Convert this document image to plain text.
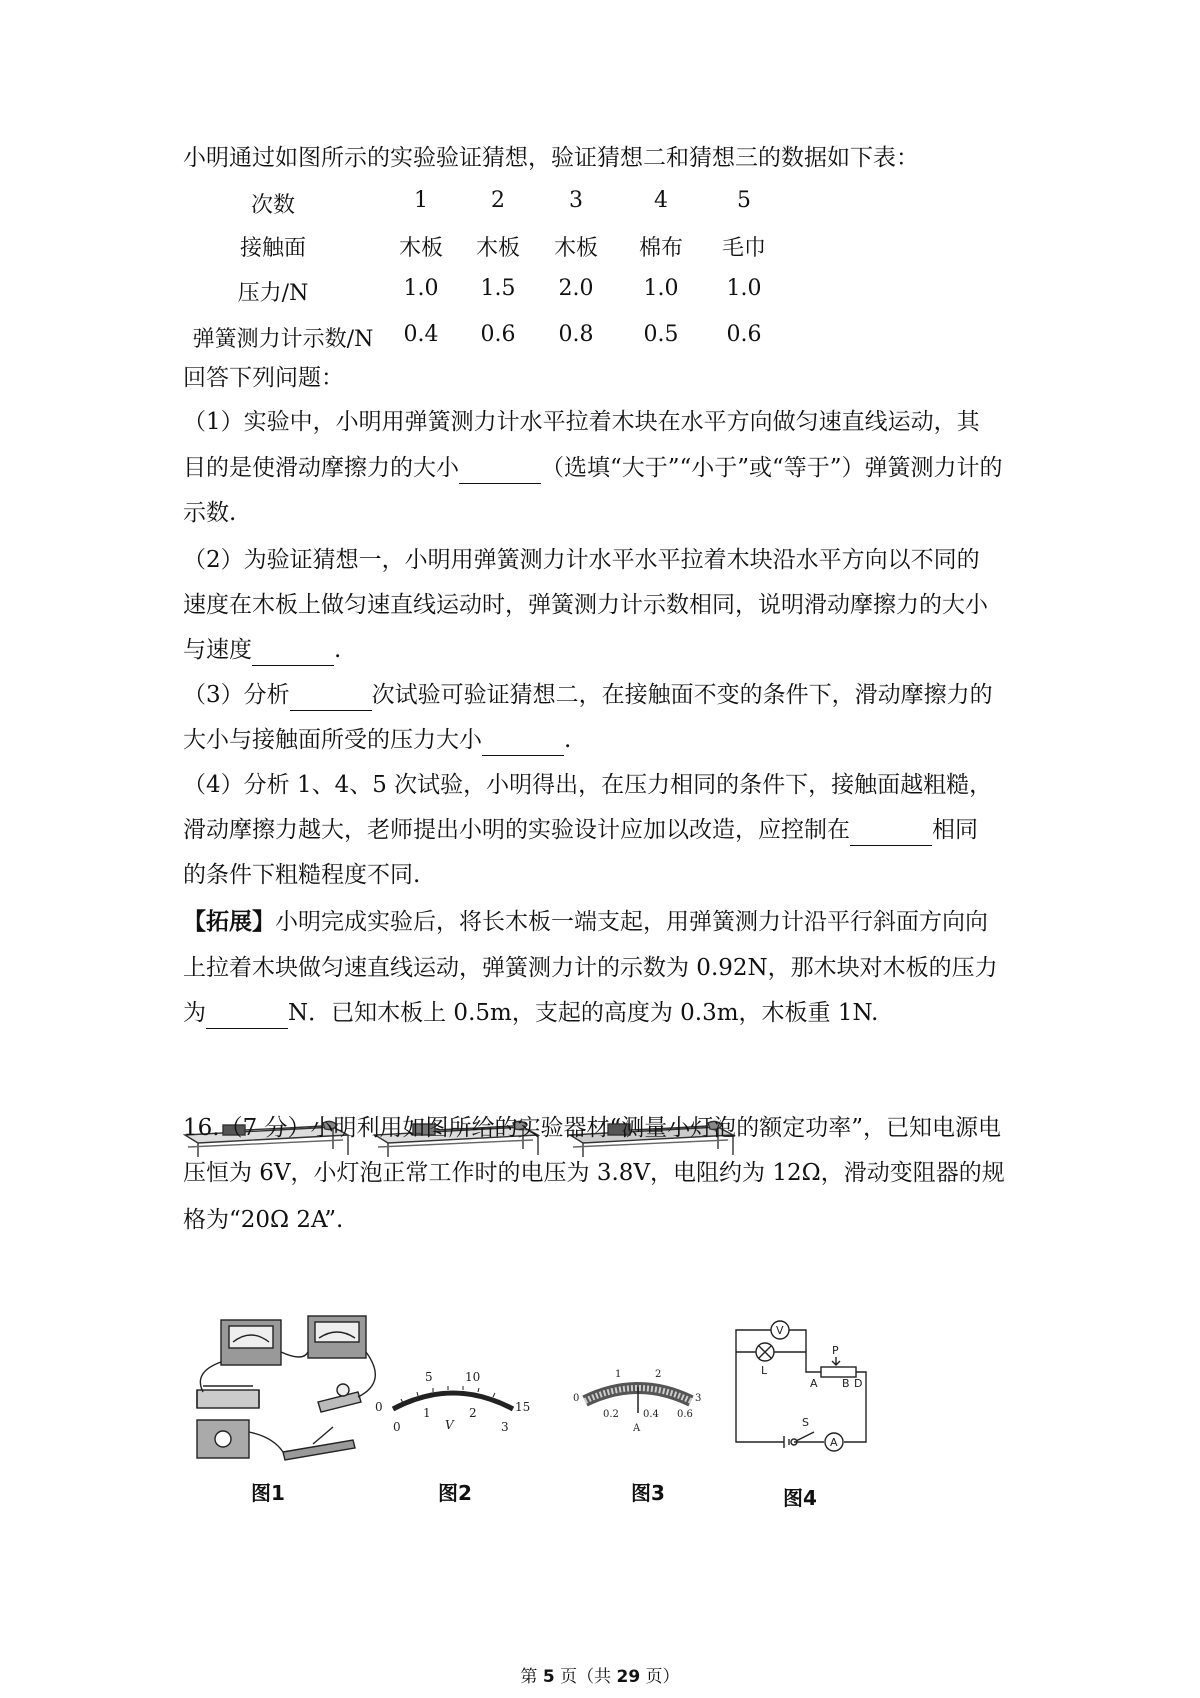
小明通过如图所示的实验验证猜想，验证猜想二和猜想三的数据如下表：
次数	1	2	3	4	5
接触面	木板	木板	木板	棉布	毛巾
压力/N	1.0	1.5	2.0	1.0	1.0
弹簧测力计示数/N	0.4	0.6	0.8	0.5	0.6
回答下列问题：
（1）实验中，小明用弹簧测力计水平拉着木块在水平方向做匀速直线运动，其
目的是使滑动摩擦力的大小	（选填“大于”“小于”或“等于”）弹簧测力计的
示数.
（2）为验证猜想一，小明用弹簧测力计水平水平拉着木块沿水平方向以不同的
速度在木板上做匀速直线运动时，弹簧测力计示数相同，说明滑动摩擦力的大小
与速度	.
（3）分析	次试验可验证猜想二，在接触面不变的条件下，滑动摩擦力的
大小与接触面所受的压力大小	.
（4）分析 1、4、5 次试验，小明得出，在压力相同的条件下，接触面越粗糙，
滑动摩擦力越大，老师提出小明的实验设计应加以改造，应控制在	相同
的条件下粗糙程度不同.
【拓展】小明完成实验后，将长木板一端支起，用弹簧测力计沿平行斜面方向向
上拉着木块做匀速直线运动，弹簧测力计的示数为 0.92N，那木块对木板的压力
为	N．已知木板上 0.5m，支起的高度为 0.3m，木板重 1N.
16.（7 分）小明利用如图所给的实验器材“测量小灯泡的额定功率”，已知电源电
压恒为 6V，小灯泡正常工作时的电压为 3.8V，电阻约为 12Ω，滑动变阻器的规
格为“20Ω 2A”.
图1
5	10
0	15
0
1	2
3
V
图2
1	2
0	3
0.2 0.4 0.6
A
图3
V
P
A B D
L
S
A
图4
第 5 页（共 29 页）
